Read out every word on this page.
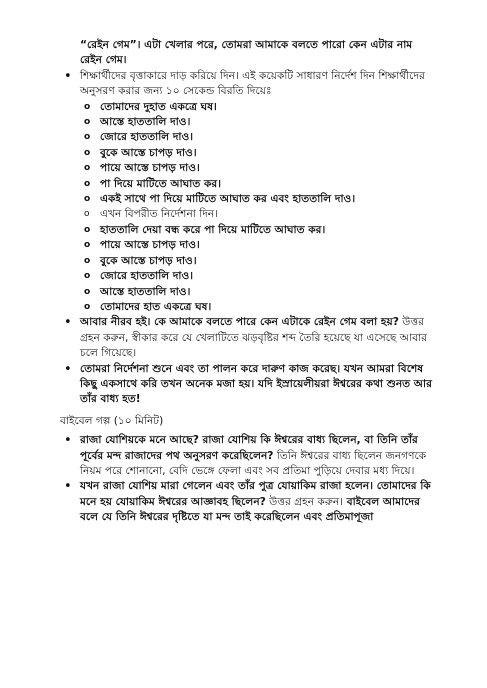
“রেইন গেম”। এটা খেলার পরে, তোমরা আমাকে বলতে পারো কেন এটার নাম রেইন গেম।
• শিক্ষার্থীদের বৃত্তাকারে দাড় করিয়ে দিন। এই কয়েকটি সাধারণ নির্দেশ দিন শিক্ষার্থীদের অনুসরণ করার জন্য ১০ সেকেন্ড বিরতি দিয়েঃ
o তোমাদের দুহাত একত্রে ঘষ।
o আস্তে হাততালি দাও।
o জোরে হাততালি দাও।
o বুকে আস্তে চাপড় দাও।
o পায়ে আস্তে চাপড় দাও।
o পা দিয়ে মাটিতে আঘাত কর।
o একই সাথে পা দিয়ে মাটিতে আঘাত কর এবং হাততালি দাও।
o এখন বিপরীত নির্দেশনা দিন।
o হাততালি দেয়া বন্ধ করে পা দিয়ে মাটিতে আঘাত কর।
o পায়ে আস্তে চাপড় দাও।
o বুকে আস্তে চাপড় দাও।
o জোরে হাততালি দাও।
o আস্তে হাততালি দাও।
o তোমাদের হাত একত্রে ঘষ।
• আবার নীরব হই। কে আমাকে বলতে পারে কেন এটাকে রেইন গেম বলা হয়? উত্তর গ্রহন করুন, স্বীকার করে যে খেলাটিতে ঝড়বৃষ্টির শব্দ তৈরি হয়েছে যা এসেছে আবার চলে গিয়েছে।
• তোমরা নির্দেশনা শুনে এবং তা পালন করে দারুণ কাজ করেছ। যখন আমরা বিশেষ কিছু একসাথে করি তখন অনেক মজা হয়। যদি ইস্রায়েলীয়রা ঈশ্বরের কথা শুনত আর তাঁর বাধ্য হত!
বাইবেল গল্প (১০ মিনিট)
• রাজা যোশিয়কে মনে আছে? রাজা যোশিয় কি ঈশ্বরের বাধ্য ছিলেন, বা তিনি তাঁর পূর্বের মন্দ রাজাদের পথ অনুসরণ করেছিলেন? তিনি ঈশ্বরের বাধ্য ছিলেন জনগণকে নিয়ম পরে শোনানো, বেদি ভেঙ্গে ফেলা এবং সব প্রতিমা পুড়িয়ে দেবার মধ্য দিয়ে।
• যখন রাজা যোশিয় মারা গেলেন এবং তাঁর পুত্র যোয়াকিম রাজা হলেন। তোমাদের কি মনে হয় যোয়াকিম ঈশ্বরের আজ্ঞাবহ ছিলেন? উত্তর গ্রহন করুন। বাইবেল আমাদের বলে যে তিনি ঈশ্বরের দৃষ্টিতে যা মন্দ তাই করেছিলেন এবং প্রতিমাপূজা
